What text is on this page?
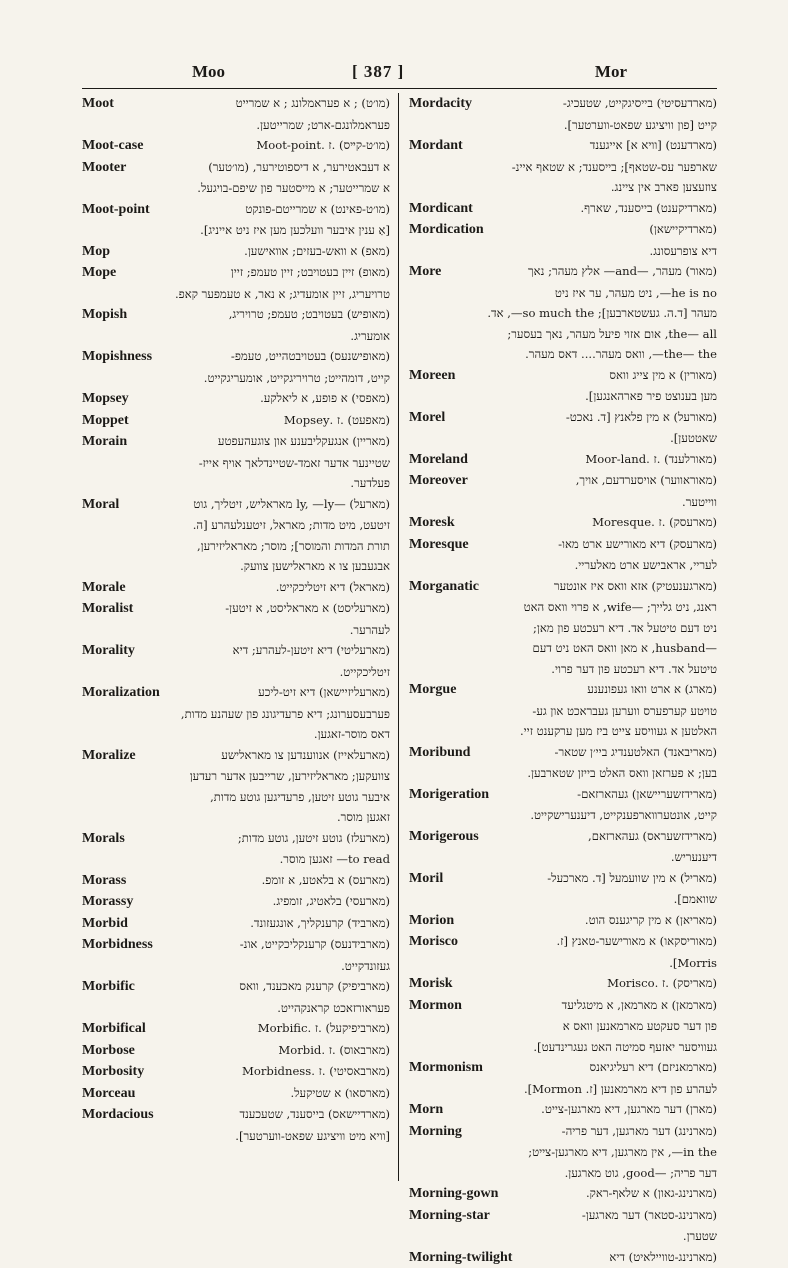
Moo	[ 387 ]	Mor
Moot	(מו׳ט) ; א פעראמלונג ; א שמרייט
פעראמלונגם-ארט; שמרייטען.
Moot-case	(מו׳ט-קײס) .ז .Moot-point
Mooter	א דעבאטירער, א דיספוטירער, (מו׳טער)
א שמרייטער; א מייסטער פון שיפם-בויגעל.
Moot-point	(מו׳ט-פאינט) א שמרייטם-פונקט
[אַ ענין איבער וועלכען מען איז ניט אייניג].
Mop	(מאפ) א וואש-בעזים; אוואישען.
Mope	(מאופ) זיין בעטויבט; זיין טעמפ; זיין
טרויעריג, זיין אומעדיג; א נאר, א טעמפער קאפ.
Mopish	(מאופיש) בעטויבט; טעמפ; טרויריג,
אומעריג.
Mopishness	(מאופישנעס) בעטויבטהייט, טעמפ-
קייט, דומהייט; טרויריגקייט, אומעריגקייט.
Mopsey	(מאפסי) א פופע, א ליאלקע.
Moppet	(מאפעט) .ז .Mopsey
Morain	(מאריין) אנגעקליבענע און צוגעהעפטע
שטיינער אדער זאמד-שטיינדלאך אויף אייז-
פעלדער.
Moral	(מארעל) —ly, —ly מאראליש, זיטליך, גוט
זיטעט, מיט מדות; מאראל, זיטענלעהרע [ה.
תורת המדות והמוסר]; מוסר; מאראליזירען,
אבגעבען צו א מאראלישען צוועק.
Morale	(מאראל) דיא זיטליכקייט.
Moralist	(מארעליסט) א מאראליסט, א זיטען-
לעהרער.
Morality	(מארעליטי) דיא זיטען-לעהרע; דיא
זיטליכקייט.
Moralization	(מארעליזיישאן) דיא זיט-ליכע
פערבעסערונג; דיא פרעדיגונג פון שעהנע מדות,
דאס מוסר-זאגען.
Moralize	(מארעלאייז) אנווענדען צו מאראלישע
צוועקען; מאראליזירען, שרייבען אדער רעדען
איבער גוטע זיטען, פרעדיגען גוטע מדות,
זאגען מוסר.
Morals	(מארעלז) גוטע זיטען, גוטע מדות;
to read— זאגען מוסר.
Morass	(מארעס) א בלאטע, א זומפ.
Morassy	(מארעסי) בלאטיג, זומפיג.
Morbid	(מארביד) קרענקליך, אונגעזונד.
Morbidness	(מארבידנעס) קרענקליכקייט, אונ-
געזונדקייט.
Morbific	(מארביפיק) קרענק מאכענד, וואס
פעראורזאכט קראנקהייט.
Morbifical	(מארביפיקעל) .ז .Morbific
Morbose	(מארבאוס) .ז .Morbid
Morbosity	(מארבאסיטי) .ז .Morbidness
Morceau	(מארסאו) א שטיקעל.
Mordacious	(מארדיישאס) בייסענד, שטעכענד
[וויא מיט וויציגע שפאט-ווערטער].
Mordacity	(מארדעסיטי) בייסיגקייט, שטעכיג-
קייט [פון וויציגע שפאט-ווערטער].
Mordant	(מארדענט) [וויא א] אייגענד
שארפער עס-שטאף]; בייסענד; א שטאף איינ-
צוזעצען פארב אין ציינג.
Mordicant	(מארדיקענט) בייסענד, שארף.
Mordication	(מארדיקיישאן)
דיא צופרעסונג.
More	(מאור) מעהר, —and— אלץ מעהר; נאך
he is no—, ניט מעהר, ער איז ניט
מעהר [ד.ה. געשטארבען]; so much the—, אד.
the— all, אום אזוי פיעל מעהר, נאך בעסער;
the— the—, וואס מעהר.... דאס מעהר.
Moreen	(מאורין) א מין צייג וואס
מען בענוצט פיר פארהאנגען].
Morel	(מאורעל) א מין פלאנץ [ד. נאכט-
שאטטען].
Moreland	(מאורלענד) .ז .Moor-land
Moreover	(מאוראווער) אויסערדעם, אויך,
ווייטער.
Moresk	(מארעסק) .ז .Moresque
Moresque	(מארעסק) דיא מאורישע ארט מאו-
לעריי, אראבישע ארט מאלעריי.
Morganatic	(מארגענעטיק) אזא וואס איז אונטער
ראנג, ניט גלייך; —wife, א פרוי וואס האט
ניט דעם טיטעל אד. דיא רעכטע פון מאן;
—husband, א מאן וואס האט ניט דעם
טיטעל אד. דיא רעכטע פון דער פרוי.
Morgue	(מארג) א ארט וואו געפונענע
טויטע קערפערס ווערען געבראכט און גע-
האלטען א געוויסע צייט ביז מען ערקענט זיי.
Moribund	(מאריבאנד) האלטענדיג ביי׳ן שטאר-
בען; א פערזאן וואס האלט בייזן שטארבען.
Morigeration	(מארידזשעריישאן) געהארזאם-
קייט, אונטערווארפענקייט, דיענערישקייט.
Morigerous	(מארידזשעראס) געהארזאם,
דיענעריש.
Moril	(מאריל) א מין שוועמעל [ד. מארכעל-
שוואמם].
Morion	(מאריאן) א מין קריגענס הוט.
Morisco	(מאוריסקאו) א מאורישער-טאנץ [ז.
Morris].
Morisk	(מאריסק) .ז .Morisco
Mormon	(מארמאן) א מארמאן, א מיטגליעד
פון דער סעקטע מארמאנען וואס א
געוויסער יאזעף סמיטה האט געגרינדעט].
Mormonism	(מארמאניזם) דיא רעליגיאנס
לעהרע פון דיא מארמאנען [ז. Mormon].
Morn	(מארן) דער מארגען, דיא מארגען-צייט.
Morning	(מארנינג) דער מארגען, דער פריה-
in the—, אין מארגען, דיא מארגען-צייט;
דער פריה; —good, גוט מארגען.
Morning-gown	(מארנינג-גאון) א שלאף-ראק.
Morning-star	(מארנינג-סטאר) דער מארגען-
שטערן.
Morning-twilight	(מארנינג-טוויילאיט) דיא
